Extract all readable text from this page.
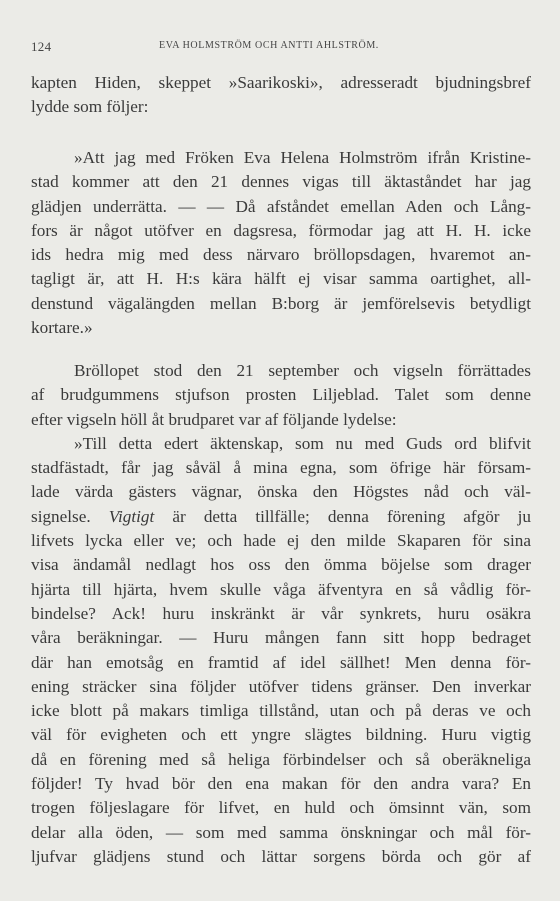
124	EVA HOLMSTRÖM OCH ANTTI AHLSTRÖM.
kapten Hiden, skeppet »Saarikoski», adresseradt bjudningsbref
lydde som följer:
»Att jag med Fröken Eva Helena Holmström ifrån Kristine-
stad kommer att den 21 dennes vigas till äktaståndet har jag
glädjen underrätta. — — Då afståndet emellan Aden och Lång-
fors är något utöfver en dagsresa, förmodar jag att H. H. icke
ids hedra mig med dess närvaro bröllopsdagen, hvaremot an-
tagligt är, att H. H:s kära hälft ej visar samma oartighet, all-
denstund vägalängden mellan B:borg är jemförelsevis betydligt
kortare.»
Bröllopet stod den 21 september och vigseln förrättades
af brudgummens stjufson prosten Liljeblad. Talet som denne
efter vigseln höll åt brudparet var af följande lydelse:
»Till detta edert äktenskap, som nu med Guds ord blifvit
stadfästadt, får jag såväl å mina egna, som öfrige här försam-
lade värda gästers vägnar, önska den Högstes nåd och väl-
signelse. Vigtigt är detta tillfälle; denna förening afgör ju
lifvets lycka eller ve; och hade ej den milde Skaparen för sina
visa ändamål nedlagt hos oss den ömma böjelse som drager
hjärta till hjärta, hvem skulle våga äfventyra en så vådlig för-
bindelse? Ack! huru inskränkt är vår synkrets, huru osäkra
våra beräkningar. — Huru mången fann sitt hopp bedraget
där han emotsåg en framtid af idel sällhet! Men denna för-
ening sträcker sina följder utöfver tidens gränser. Den inverkar
icke blott på makars timliga tillstånd, utan och på deras ve och
väl för evigheten och ett yngre slägtes bildning. Huru vigtig
då en förening med så heliga förbindelser och så oberäkneliga
följder! Ty hvad bör den ena makan för den andra vara? En
trogen följeslagare för lifvet, en huld och ömsinnt vän, som
delar alla öden, — som med samma önskningar och mål för-
ljufvar glädjens stund och lättar sorgens börda och gör af
